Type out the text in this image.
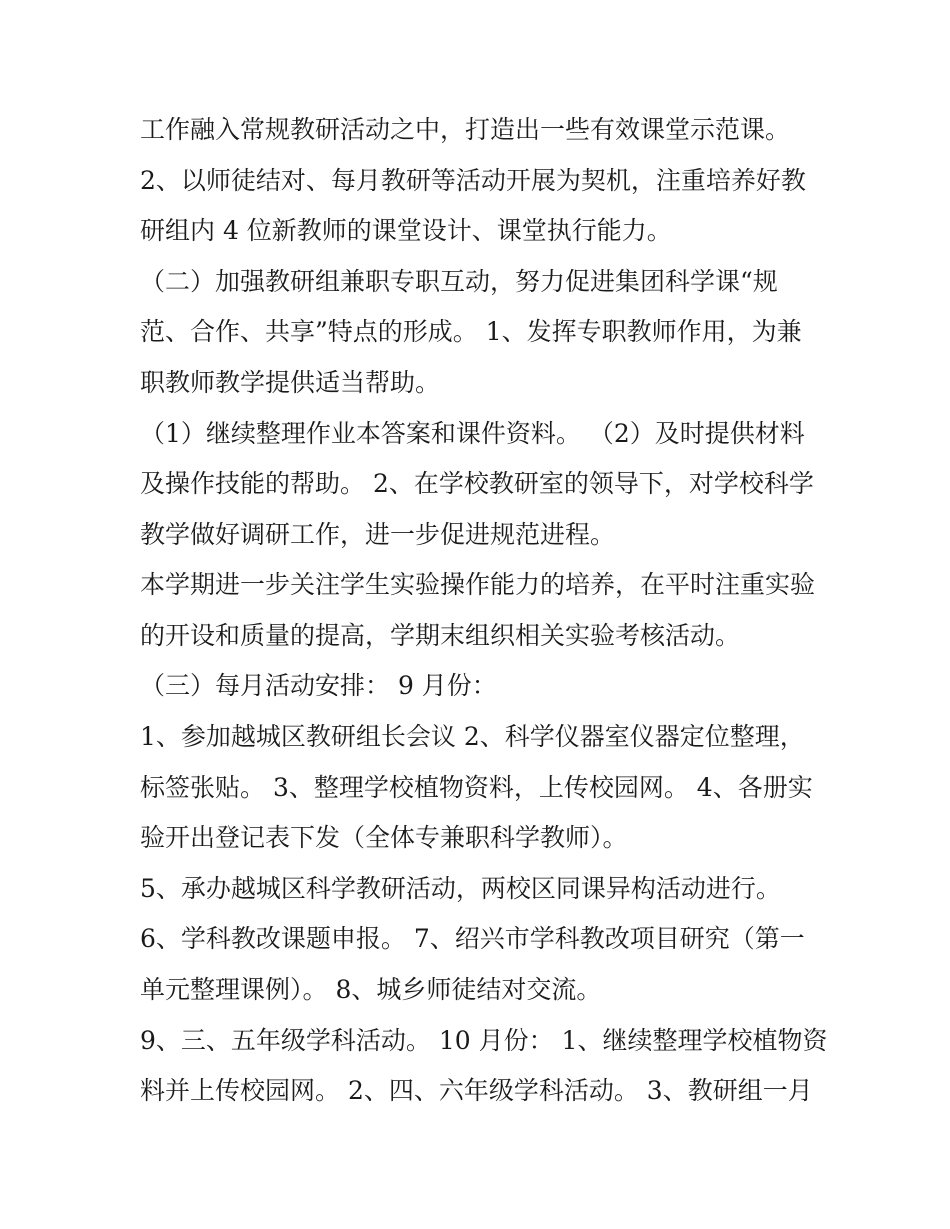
工作融入常规教研活动之中，打造出一些有效课堂示范课。
2、以师徒结对、每月教研等活动开展为契机，注重培养好教
研组内 4 位新教师的课堂设计、课堂执行能力。
（二）加强教研组兼职专职互动，努力促进集团科学课“规
范、合作、共享”特点的形成。 1、发挥专职教师作用，为兼
职教师教学提供适当帮助。
（1）继续整理作业本答案和课件资料。 （2）及时提供材料
及操作技能的帮助。 2、在学校教研室的领导下，对学校科学
教学做好调研工作，进一步促进规范进程。
本学期进一步关注学生实验操作能力的培养，在平时注重实验
的开设和质量的提高，学期末组织相关实验考核活动。
（三）每月活动安排： 9 月份：
1、参加越城区教研组长会议 2、科学仪器室仪器定位整理，
标签张贴。 3、整理学校植物资料，上传校园网。 4、各册实
验开出登记表下发（全体专兼职科学教师）。
5、承办越城区科学教研活动，两校区同课异构活动进行。
6、学科教改课题申报。 7、绍兴市学科教改项目研究（第一
单元整理课例）。 8、城乡师徒结对交流。
9、三、五年级学科活动。 10 月份： 1、继续整理学校植物资
料并上传校园网。 2、四、六年级学科活动。 3、教研组一月
